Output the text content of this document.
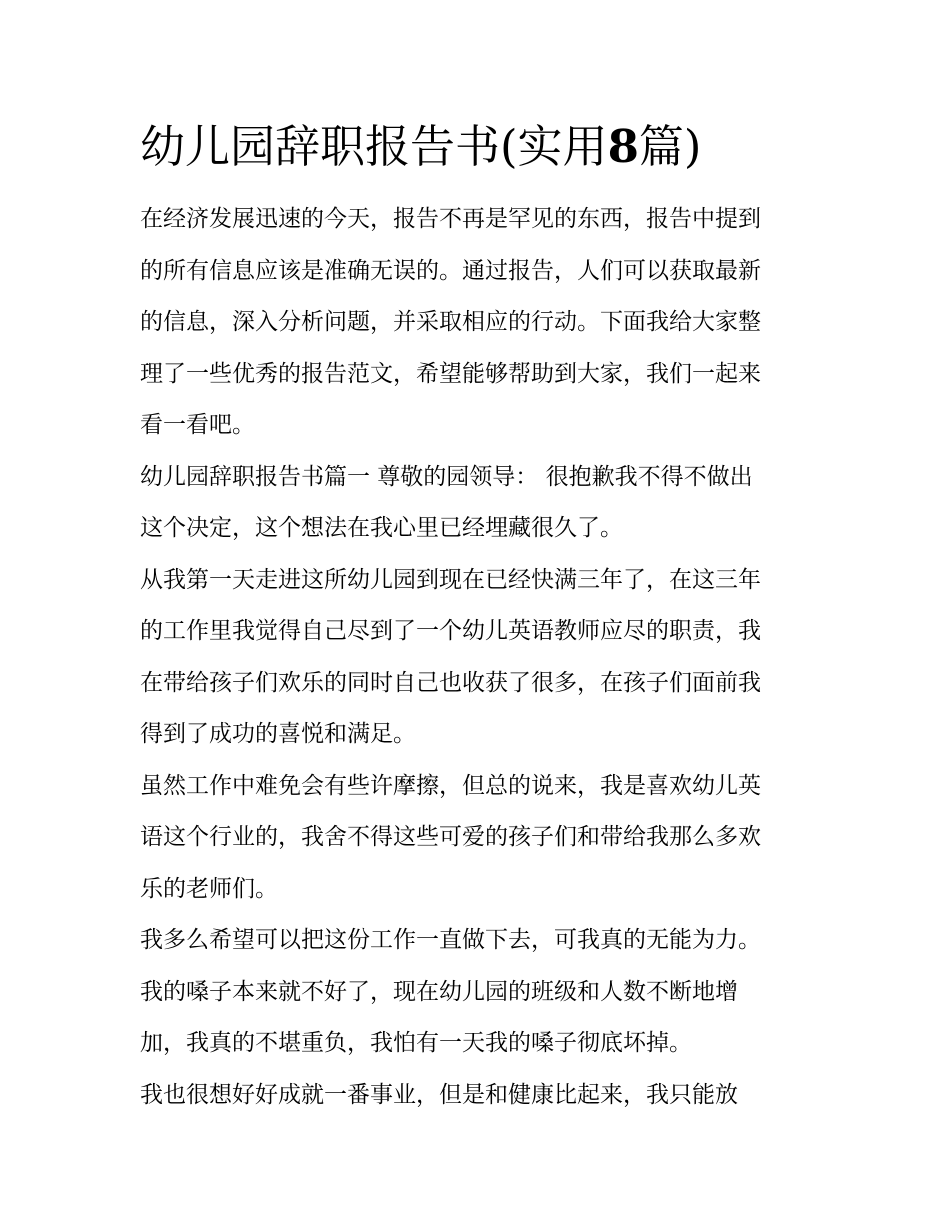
幼儿园辞职报告书(实用8篇)

在经济发展迅速的今天，报告不再是罕见的东西，报告中提到
的所有信息应该是准确无误的。通过报告，人们可以获取最新
的信息，深入分析问题，并采取相应的行动。下面我给大家整
理了一些优秀的报告范文，希望能够帮助到大家，我们一起来
看一看吧。

幼儿园辞职报告书篇一 尊敬的园领导： 很抱歉我不得不做出
这个决定，这个想法在我心里已经埋藏很久了。

从我第一天走进这所幼儿园到现在已经快满三年了，在这三年
的工作里我觉得自己尽到了一个幼儿英语教师应尽的职责，我
在带给孩子们欢乐的同时自己也收获了很多，在孩子们面前我
得到了成功的喜悦和满足。

虽然工作中难免会有些许摩擦，但总的说来，我是喜欢幼儿英
语这个行业的，我舍不得这些可爱的孩子们和带给我那么多欢
乐的老师们。

我多么希望可以把这份工作一直做下去，可我真的无能为力。
我的嗓子本来就不好了，现在幼儿园的班级和人数不断地增
加，我真的不堪重负，我怕有一天我的嗓子彻底坏掉。

我也很想好好成就一番事业，但是和健康比起来，我只能放
